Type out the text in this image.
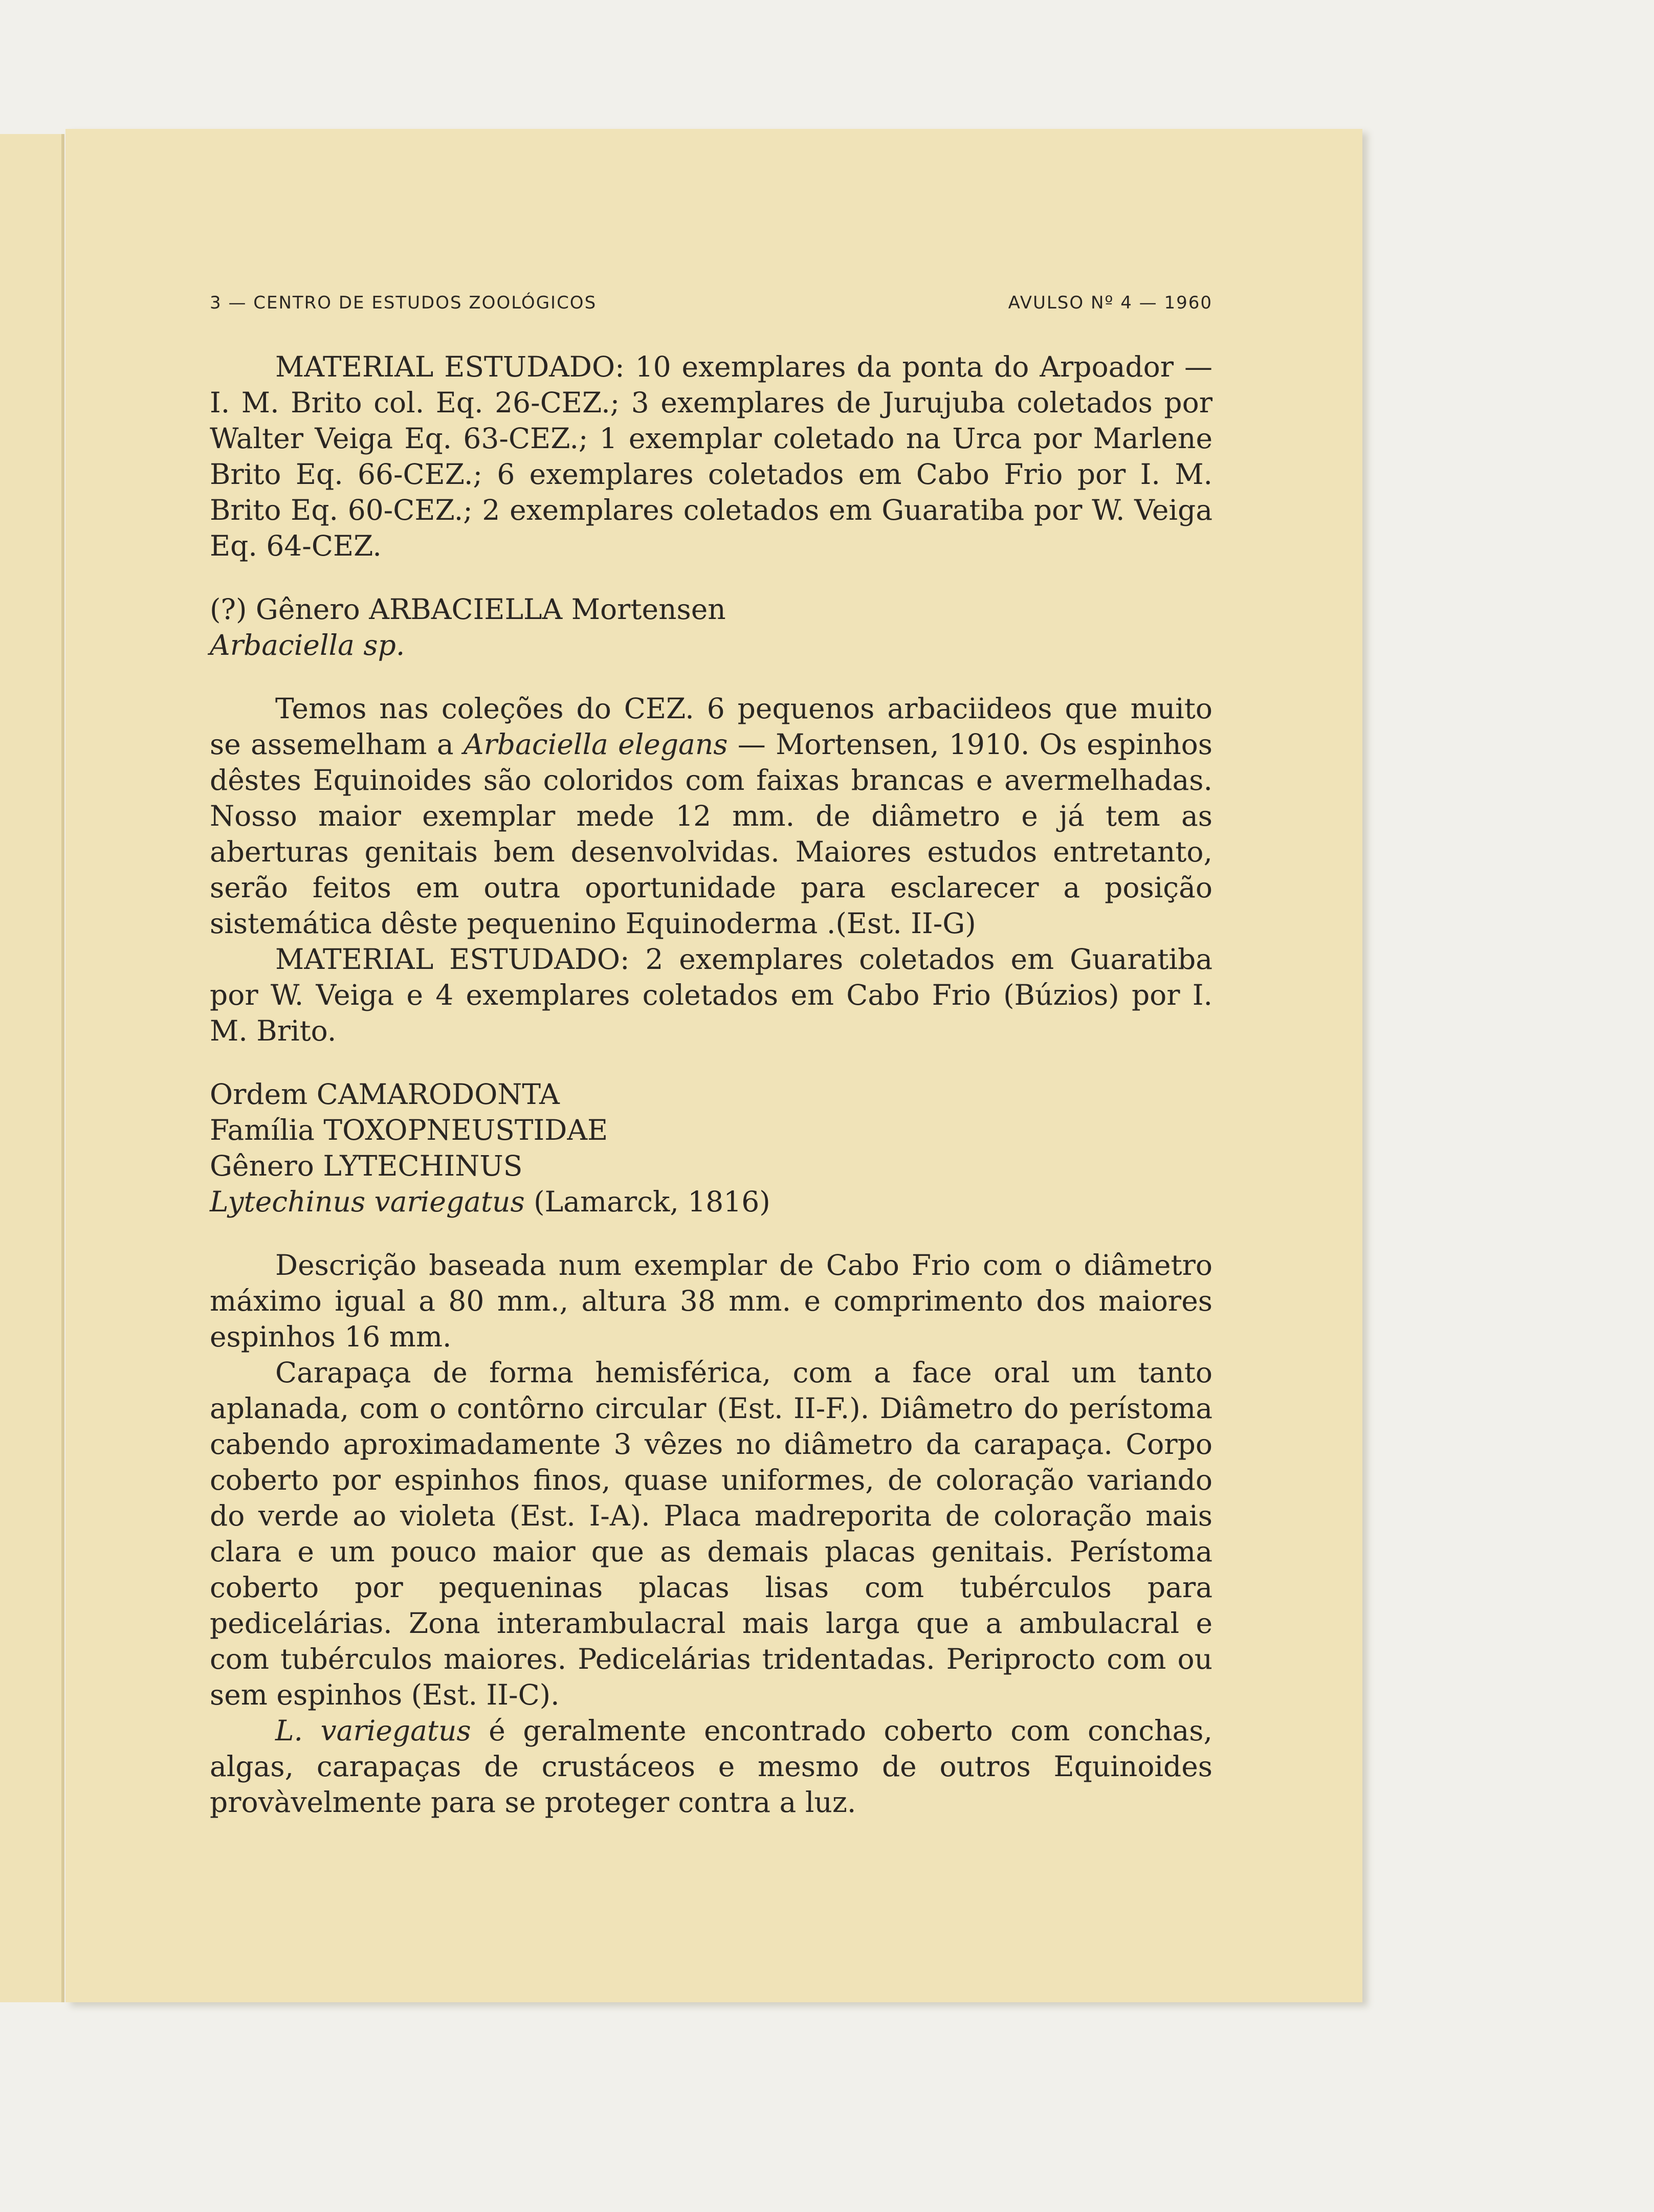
3 — CENTRO DE ESTUDOS ZOOLÓGICOS	AVULSO Nº 4 — 1960

MATERIAL ESTUDADO: 10 exemplares da ponta do Arpoador — I. M. Brito col. Eq. 26-CEZ.; 3 exemplares de Jurujuba coletados por Walter Veiga Eq. 63-CEZ.; 1 exemplar coletado na Urca por Marlene Brito Eq. 66-CEZ.; 6 exemplares coletados em Cabo Frio por I. M. Brito Eq. 60-CEZ.; 2 exemplares coletados em Guaratiba por W. Veiga Eq. 64-CEZ.

(?) Gênero ARBACIELLA Mortensen

Arbaciella sp.

Temos nas coleções do CEZ. 6 pequenos arbaciideos que muito se assemelham a Arbaciella elegans — Mortensen, 1910. Os espinhos dêstes Equinoides são coloridos com faixas brancas e avermelhadas. Nosso maior exemplar mede 12 mm. de diâmetro e já tem as aberturas genitais bem desenvolvidas. Maiores estudos entretanto, serão feitos em outra oportunidade para esclarecer a posição sistemática dêste pequenino Equinoderma .(Est. II-G)

MATERIAL ESTUDADO: 2 exemplares coletados em Guaratiba por W. Veiga e 4 exemplares coletados em Cabo Frio (Búzios) por I. M. Brito.

Ordem CAMARODONTA

Família TOXOPNEUSTIDAE

Gênero LYTECHINUS

Lytechinus variegatus (Lamarck, 1816)

Descrição baseada num exemplar de Cabo Frio com o diâmetro máximo igual a 80 mm., altura 38 mm. e comprimento dos maiores espinhos 16 mm.

Carapaça de forma hemisférica, com a face oral um tanto aplanada, com o contôrno circular (Est. II-F.). Diâmetro do perístoma cabendo aproximadamente 3 vêzes no diâmetro da carapaça. Corpo coberto por espinhos finos, quase uniformes, de coloração variando do verde ao violeta (Est. I-A). Placa madreporita de coloração mais clara e um pouco maior que as demais placas genitais. Perístoma coberto por pequeninas placas lisas com tubérculos para pedicelárias. Zona interambulacral mais larga que a ambulacral e com tubérculos maiores. Pedicelárias tridentadas. Periprocto com ou sem espinhos (Est. II-C).

L. variegatus é geralmente encontrado coberto com conchas, algas, carapaças de crustáceos e mesmo de outros Equinoides provàvelmente para se proteger contra a luz.
